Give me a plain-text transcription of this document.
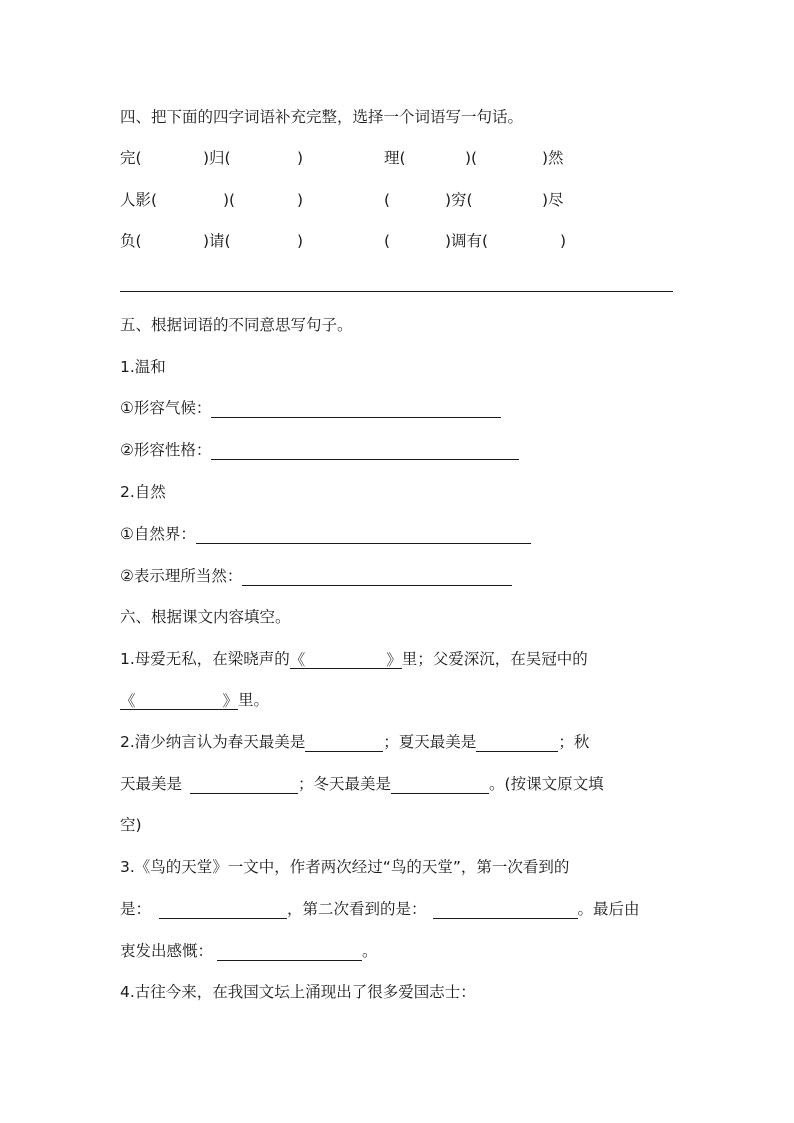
四、把下面的四字词语补充完整，选择一个词语写一句话。
完(	)归(	)	理(	)(	)然
人影(	)(	)	(	)穷(	)尽
负(	)请(	)	(	)调有(	)
五、根据词语的不同意思写句子。
1.温和
①形容气候：
②形容性格：
2.自然
①自然界：
②表示理所当然：
六、根据课文内容填空。
1.母爱无私，在梁晓声的《	》 里；父爱深沉，在吴冠中的
《	》 里。
2.清少纳言认为春天最美是	；夏天最美是	；秋
天最美是	；冬天最美是	。(按课文原文填
空)
3.《鸟的天堂》一文中，作者两次经过“鸟的天堂”，第一次看到的
是：	，第二次看到的是：	。最后由
衷发出感慨：	。
4.古往今来，在我国文坛上涌现出了很多爱国志士：
